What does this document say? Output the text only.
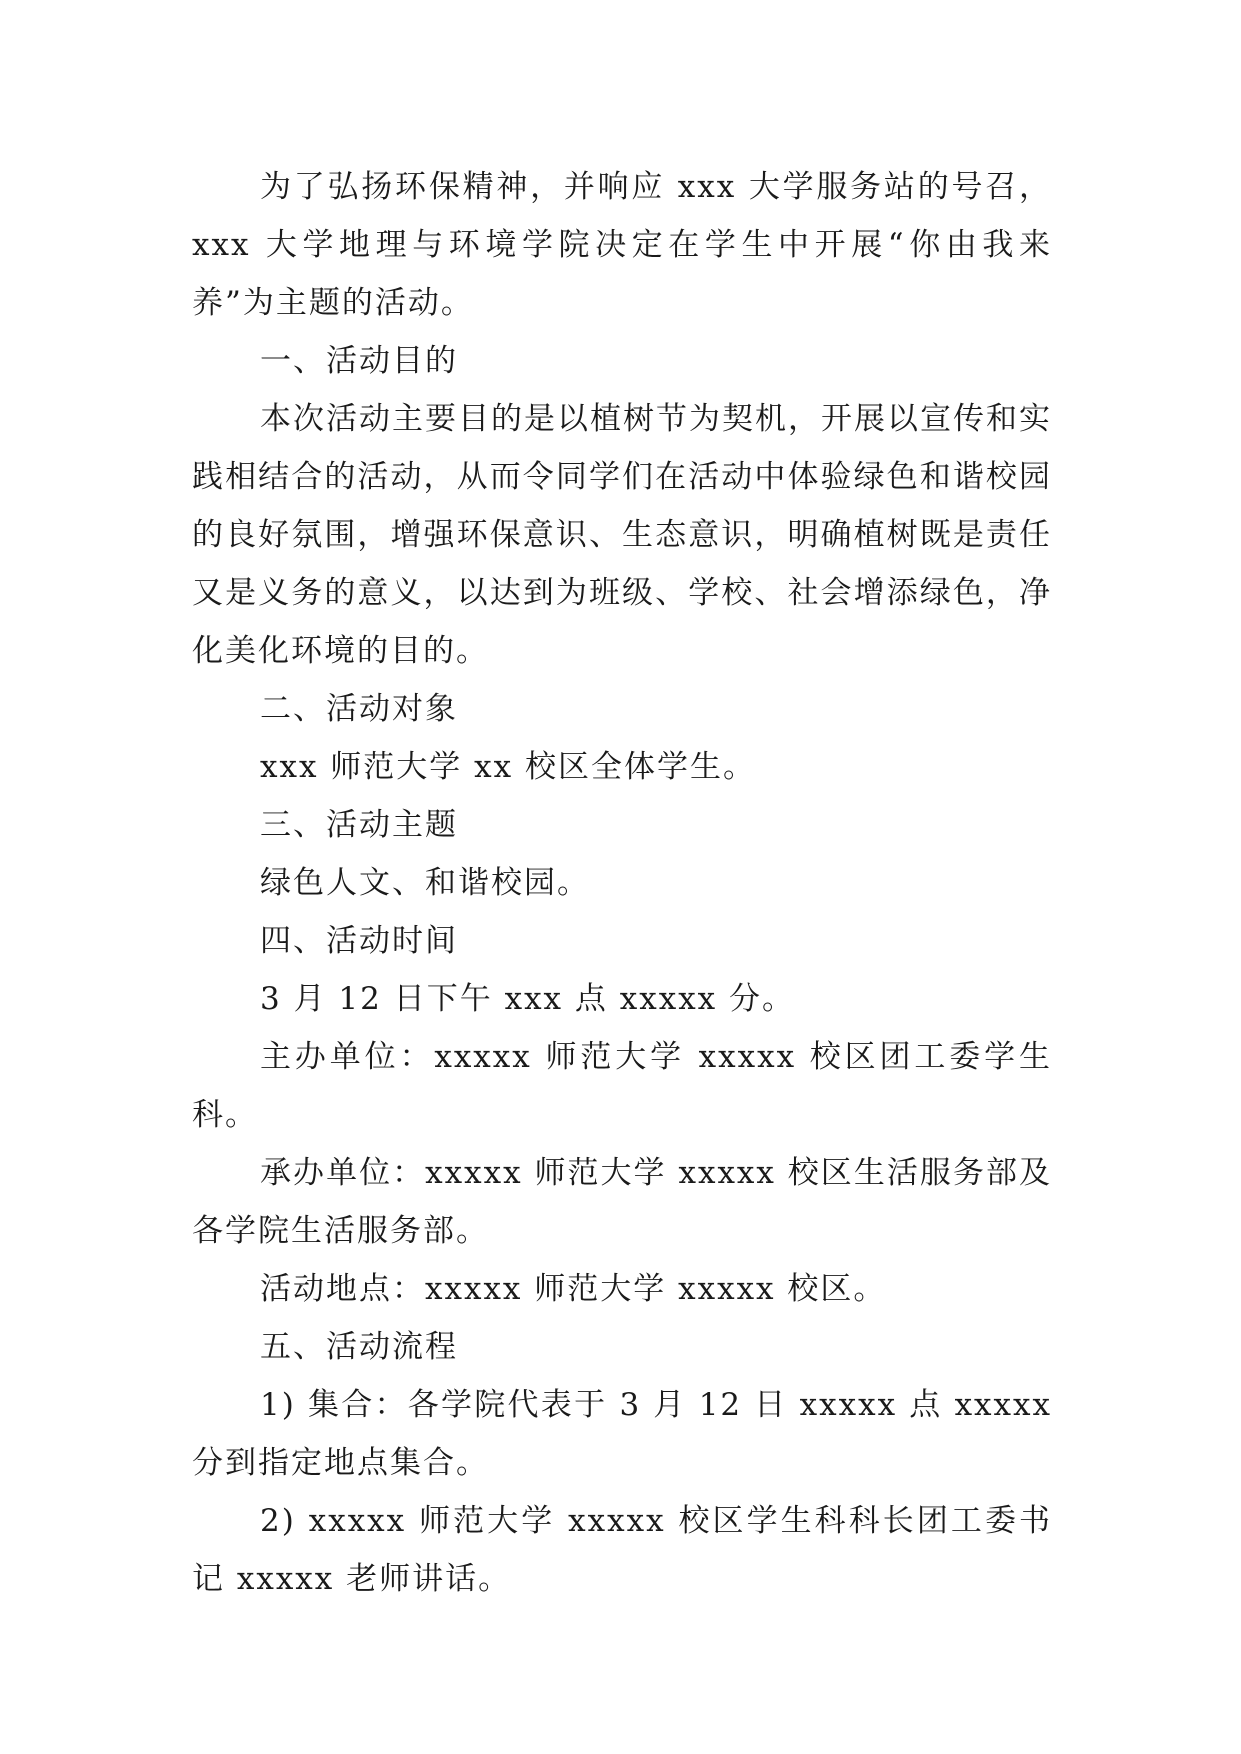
为了弘扬环保精神，并响应 xxx 大学服务站的号召，xxx 大学地理与环境学院决定在学生中开展“你由我来养”为主题的活动。

一、活动目的

本次活动主要目的是以植树节为契机，开展以宣传和实践相结合的活动，从而令同学们在活动中体验绿色和谐校园的良好氛围，增强环保意识、生态意识，明确植树既是责任又是义务的意义，以达到为班级、学校、社会增添绿色，净化美化环境的目的。

二、活动对象

xxx 师范大学 xx 校区全体学生。

三、活动主题

绿色人文、和谐校园。

四、活动时间

3 月 12 日下午 xxx 点 xxxxx 分。

主办单位：xxxxx 师范大学 xxxxx 校区团工委学生科。

承办单位：xxxxx 师范大学 xxxxx 校区生活服务部及各学院生活服务部。

活动地点：xxxxx 师范大学 xxxxx 校区。

五、活动流程

1) 集合：各学院代表于 3 月 12 日 xxxxx 点 xxxxx 分到指定地点集合。

2) xxxxx 师范大学 xxxxx 校区学生科科长团工委书记 xxxxx 老师讲话。
